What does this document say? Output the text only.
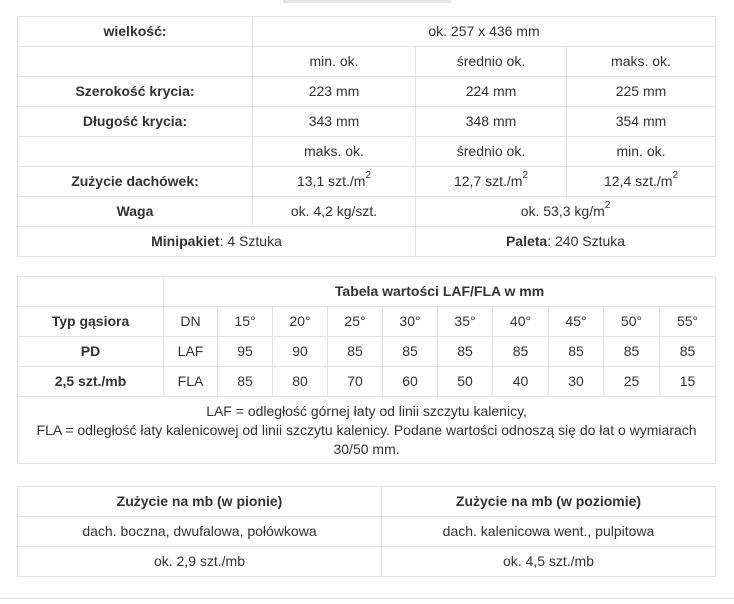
wielkość:	ok. 257 x 436 mm		
	min. ok.	średnio ok.	maks. ok.
Szerokość krycia:	223 mm	224 mm	225 mm
Długość krycia:	343 mm	348 mm	354 mm
	maks. ok.	średnio ok.	min. ok.
Zużycie dachówek:	13,1 $szt./m^2$	12,7 $szt./m^2$	12,4 $szt./m^2$
Waga	ok. 4,2 kg/szt.	ok. 53,3 $kg/m^2$
Minipakiet: 4 Sztuka		Paleta: 240 Sztuka	
	Tabela wartości LAF/FLA w mm									
Typ gąsiora	DN	15°	20°	25°	30°	35°	40°	45°	50°	55°
PD	LAF	95	90	85	85	85	85	85	85	85
2,5 szt./mb	FLA	85	80	70	60	50	40	30	25	15
LAF = odległość górnej łaty od linii szczytu kalenicy,
FLA = odległość łaty kalenicowej od linii szczytu kalenicy. Podane wartości odnoszą się do łat o wymiarach 30/50 mm.										
Zużycie na mb (w pionie)	Zużycie na mb (w poziomie)
dach. boczna, dwufalowa, połówkowa	dach. kalenicowa went., pulpitowa
ok. 2,9 szt./mb	ok. 4,5 szt./mb
